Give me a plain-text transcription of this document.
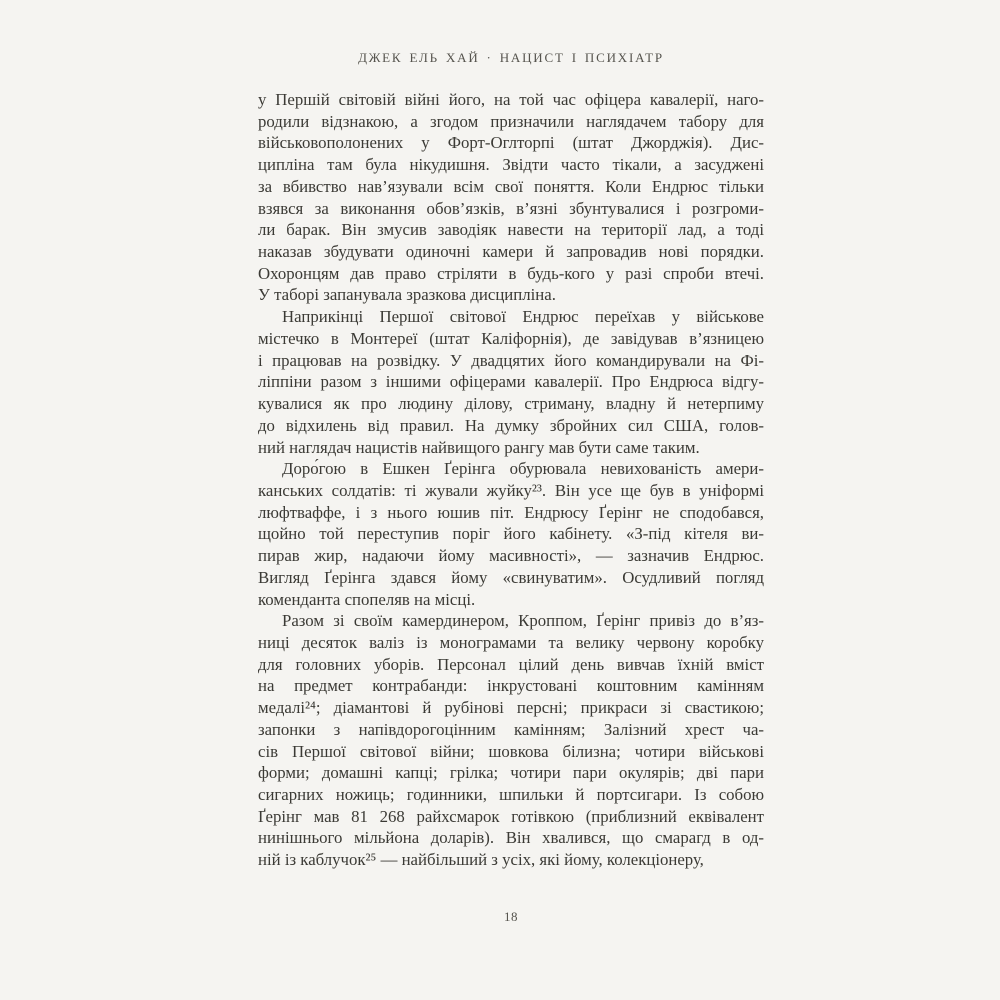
ДЖЕК ЕЛЬ ХАЙ · НАЦИСТ І ПСИХІАТР
у Першій світовій війні його, на той час офіцера кавалерії, наго-
родили відзнакою, а згодом призначили наглядачем табору для
військовополонених у Форт-Оглторпі (штат Джорджія). Дис-
ципліна там була нікудишня. Звідти часто тікали, а засуджені
за вбивство нав’язували всім свої поняття. Коли Ендрюс тільки
взявся за виконання обов’язків, в’язні збунтувалися і розгроми-
ли барак. Він змусив заводіяк навести на території лад, а тоді
наказав збудувати одиночні камери й запровадив нові порядки.
Охоронцям дав право стріляти в будь-кого у разі спроби втечі.
У таборі запанувала зразкова дисципліна.
Наприкінці Першої світової Ендрюс переїхав у військове
містечко в Монтереї (штат Каліфорнія), де завідував в’язницею
і працював на розвідку. У двадцятих його командирували на Фі-
ліппіни разом з іншими офіцерами кавалерії. Про Ендрюса відгу-
кувалися як про людину ділову, стриману, владну й нетерпиму
до відхилень від правил. На думку збройних сил США, голов-
ний наглядач нацистів найвищого рангу мав бути саме таким.
Доро́гою в Ешкен Ґерінга обурювала невихованість амери-
канських солдатів: ті жували жуйку²³. Він усе ще був в уніформі
люфтваффе, і з нього юшив піт. Ендрюсу Ґерінг не сподобався,
щойно той переступив поріг його кабінету. «З-під кітеля ви-
пирав жир, надаючи йому масивності», — зазначив Ендрюс.
Вигляд Ґерінга здався йому «свинуватим». Осудливий погляд
коменданта спопеляв на місці.
Разом зі своїм камердинером, Кроппом, Ґерінг привіз до в’яз-
ниці десяток валіз із монограмами та велику червону коробку
для головних уборів. Персонал цілий день вивчав їхній вміст
на предмет контрабанди: інкрустовані коштовним камінням
медалі²⁴; діамантові й рубінові персні; прикраси зі свастикою;
запонки з напівдорогоцінним камінням; Залізний хрест ча-
сів Першої світової війни; шовкова білизна; чотири військові
форми; домашні капці; грілка; чотири пари окулярів; дві пари
сигарних ножиць; годинники, шпильки й портсигари. Із собою
Ґерінг мав 81 268 райхсмарок готівкою (приблизний еквівалент
нинішнього мільйона доларів). Він хвалився, що смарагд в од-
ній із каблучок²⁵ — найбільший з усіх, які йому, колекціонеру,
18
